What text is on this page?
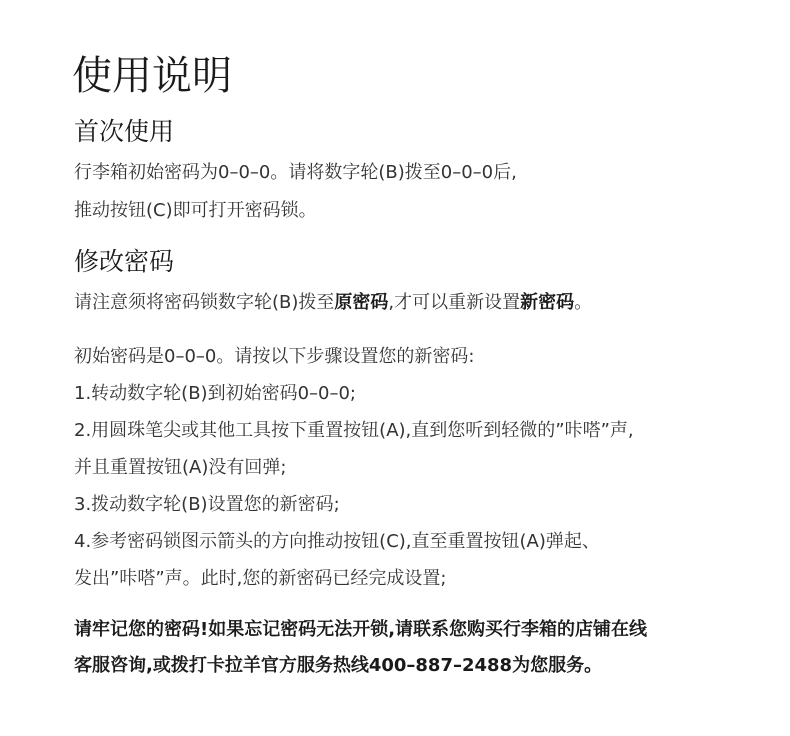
使用说明
首次使用
行李箱初始密码为0–0–0。请将数字轮(B)拨至0–0–0后,
推动按钮(C)即可打开密码锁。
修改密码
请注意须将密码锁数字轮(B)拨至原密码,才可以重新设置新密码。
初始密码是0–0–0。请按以下步骤设置您的新密码:
1.转动数字轮(B)到初始密码0–0–0;
2.用圆珠笔尖或其他工具按下重置按钮(A),直到您听到轻微的”咔嗒”声,
并且重置按钮(A)没有回弹;
3.拨动数字轮(B)设置您的新密码;
4.参考密码锁图示箭头的方向推动按钮(C),直至重置按钮(A)弹起、
发出”咔嗒”声。此时,您的新密码已经完成设置;
请牢记您的密码!如果忘记密码无法开锁,请联系您购买行李箱的店铺在线
客服咨询,或拨打卡拉羊官方服务热线400–887–2488为您服务。
